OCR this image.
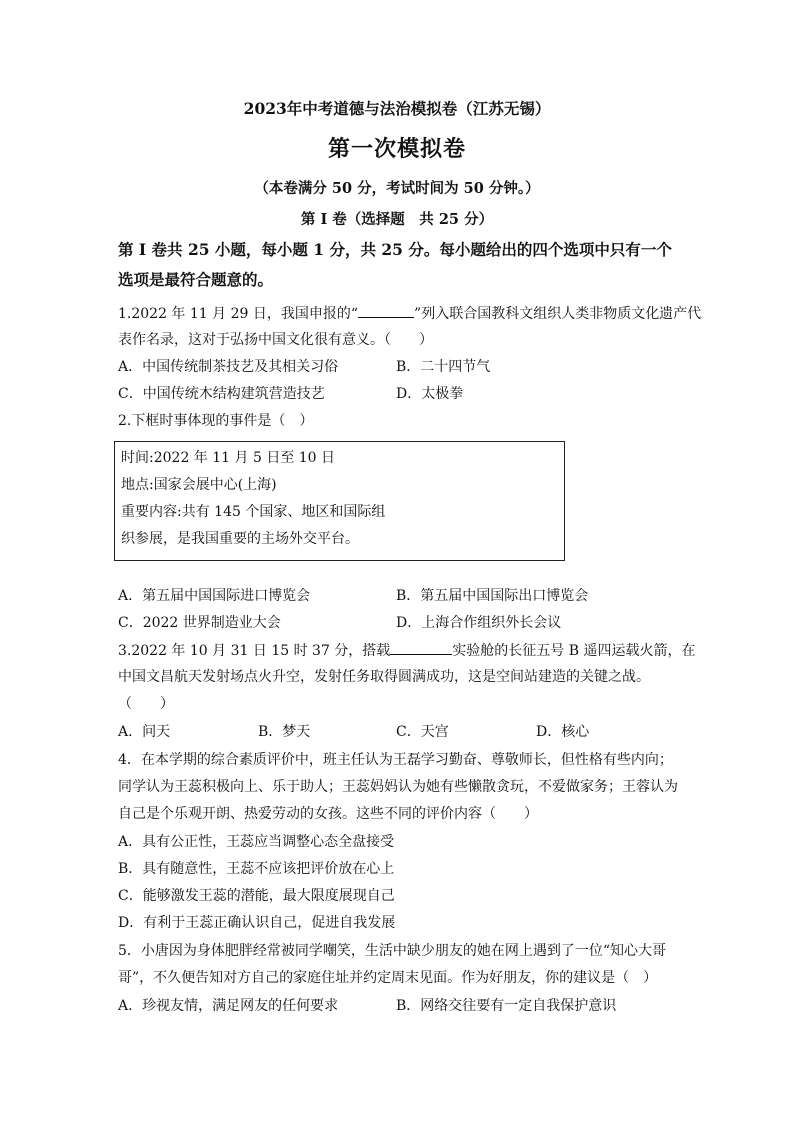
2023年中考道德与法治模拟卷（江苏无锡）
第一次模拟卷
（本卷满分 50 分，考试时间为 50 分钟。）
第 I 卷（选择题　共 25 分）
第 I 卷共 25 小题，每小题 1 分，共 25 分。每小题给出的四个选项中只有一个
选项是最符合题意的。
1.2022 年 11 月 29 日，我国申报的“	”列入联合国教科文组织人类非物质文化遗产代
表作名录，这对于弘扬中国文化很有意义。（　　）
A．中国传统制茶技艺及其相关习俗	B．二十四节气
C．中国传统木结构建筑营造技艺	D．太极拳
2.下框时事体现的事件是（　）
时间:2022 年 11 月 5 日至 10 日
地点:国家会展中心(上海)
重要内容:共有 145 个国家、地区和国际组
织参展，是我国重要的主场外交平台。
A．第五届中国国际进口博览会	B．第五届中国国际出口博览会
C．2022 世界制造业大会	D．上海合作组织外长会议
3.2022 年 10 月 31 日 15 时 37 分，搭载	实验舱的长征五号 B 遥四运载火箭，在
中国文昌航天发射场点火升空，发射任务取得圆满成功，这是空间站建造的关键之战。
（　　）
A．问天	B．梦天	C．天宫	D．核心
4．在本学期的综合素质评价中，班主任认为王磊学习勤奋、尊敬师长，但性格有些内向；
同学认为王蕊积极向上、乐于助人；王蕊妈妈认为她有些懒散贪玩，不爱做家务；王蓉认为
自己是个乐观开朗、热爱劳动的女孩。这些不同的评价内容（　　）
A．具有公正性，王蕊应当调整心态全盘接受
B．具有随意性，王蕊不应该把评价放在心上
C．能够激发王蕊的潜能，最大限度展现自己
D．有利于王蕊正确认识自己，促进自我发展
5．小唐因为身体肥胖经常被同学嘲笑，生活中缺少朋友的她在网上遇到了一位“知心大哥
哥”，不久便告知对方自己的家庭住址并约定周末见面。作为好朋友，你的建议是（　）
A．珍视友情，满足网友的任何要求	B．网络交往要有一定自我保护意识
